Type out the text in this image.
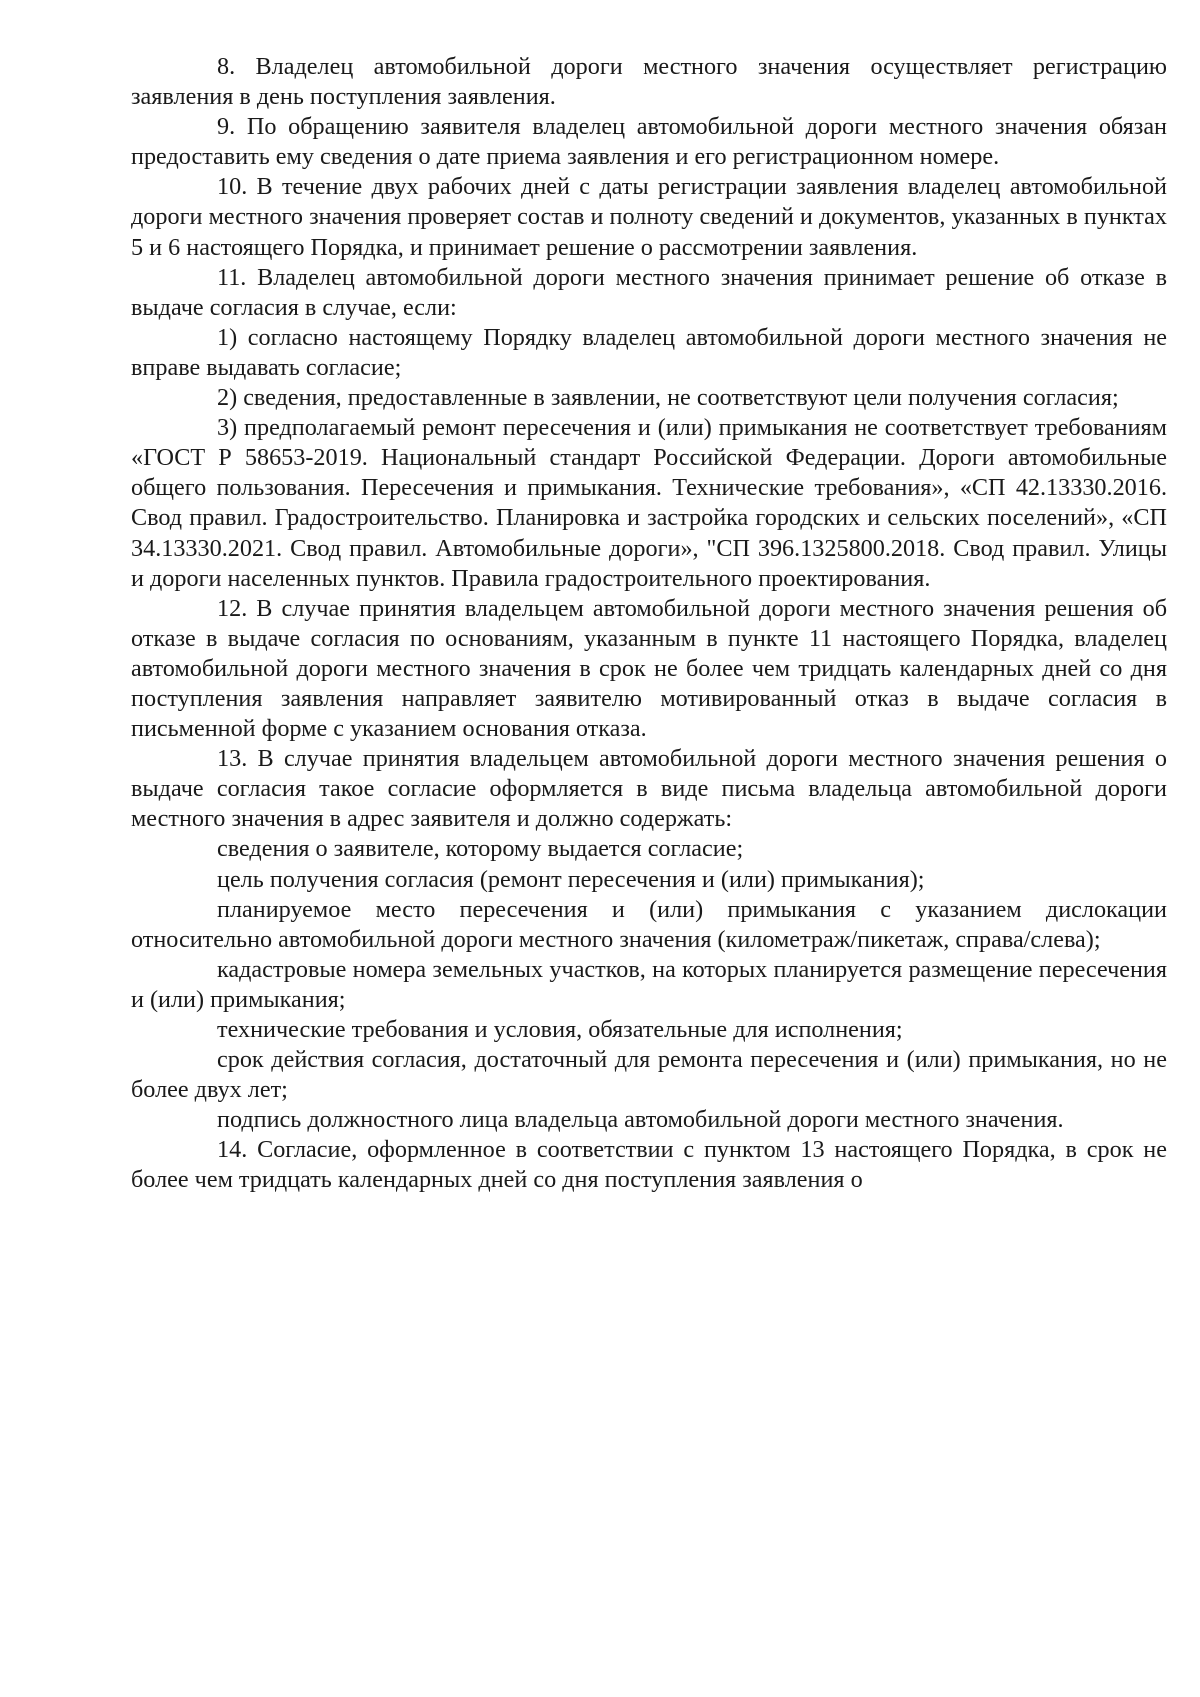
8. Владелец автомобильной дороги местного значения осуществляет регистрацию заявления в день поступления заявления.

9. По обращению заявителя владелец автомобильной дороги местного значения обязан предоставить ему сведения о дате приема заявления и его регистрационном номере.

10. В течение двух рабочих дней с даты регистрации заявления владелец автомобильной дороги местного значения проверяет состав и полноту сведений и документов, указанных в пунктах 5 и 6 настоящего Порядка, и принимает решение о рассмотрении заявления.

11. Владелец автомобильной дороги местного значения принимает решение об отказе в выдаче согласия в случае, если:

1) согласно настоящему Порядку владелец автомобильной дороги местного значения не вправе выдавать согласие;

2) сведения, предоставленные в заявлении, не соответствуют цели получения согласия;

3) предполагаемый ремонт пересечения и (или) примыкания не соответствует требованиям «ГОСТ Р 58653-2019. Национальный стандарт Российской Федерации. Дороги автомобильные общего пользования. Пересечения и примыкания. Технические требования», «СП 42.13330.2016. Свод правил. Градостроительство. Планировка и застройка городских и сельских поселений», «СП 34.13330.2021. Свод правил. Автомобильные дороги», "СП 396.1325800.2018. Свод правил. Улицы и дороги населенных пунктов. Правила градостроительного проектирования.

12. В случае принятия владельцем автомобильной дороги местного значения решения об отказе в выдаче согласия по основаниям, указанным в пункте 11 настоящего Порядка, владелец автомобильной дороги местного значения в срок не более чем тридцать календарных дней со дня поступления заявления направляет заявителю мотивированный отказ в выдаче согласия в письменной форме с указанием основания отказа.

13. В случае принятия владельцем автомобильной дороги местного значения решения о выдаче согласия такое согласие оформляется в виде письма владельца автомобильной дороги местного значения в адрес заявителя и должно содержать:

сведения о заявителе, которому выдается согласие;

цель получения согласия (ремонт пересечения и (или) примыкания);

планируемое место пересечения и (или) примыкания с указанием дислокации относительно автомобильной дороги местного значения (километраж/пикетаж, справа/слева);

кадастровые номера земельных участков, на которых планируется размещение пересечения и (или) примыкания;

технические требования и условия, обязательные для исполнения;

срок действия согласия, достаточный для ремонта пересечения и (или) примыкания, но не более двух лет;

подпись должностного лица владельца автомобильной дороги местного значения.

14. Согласие, оформленное в соответствии с пунктом 13 настоящего Порядка, в срок не более чем тридцать календарных дней со дня поступления заявления о
